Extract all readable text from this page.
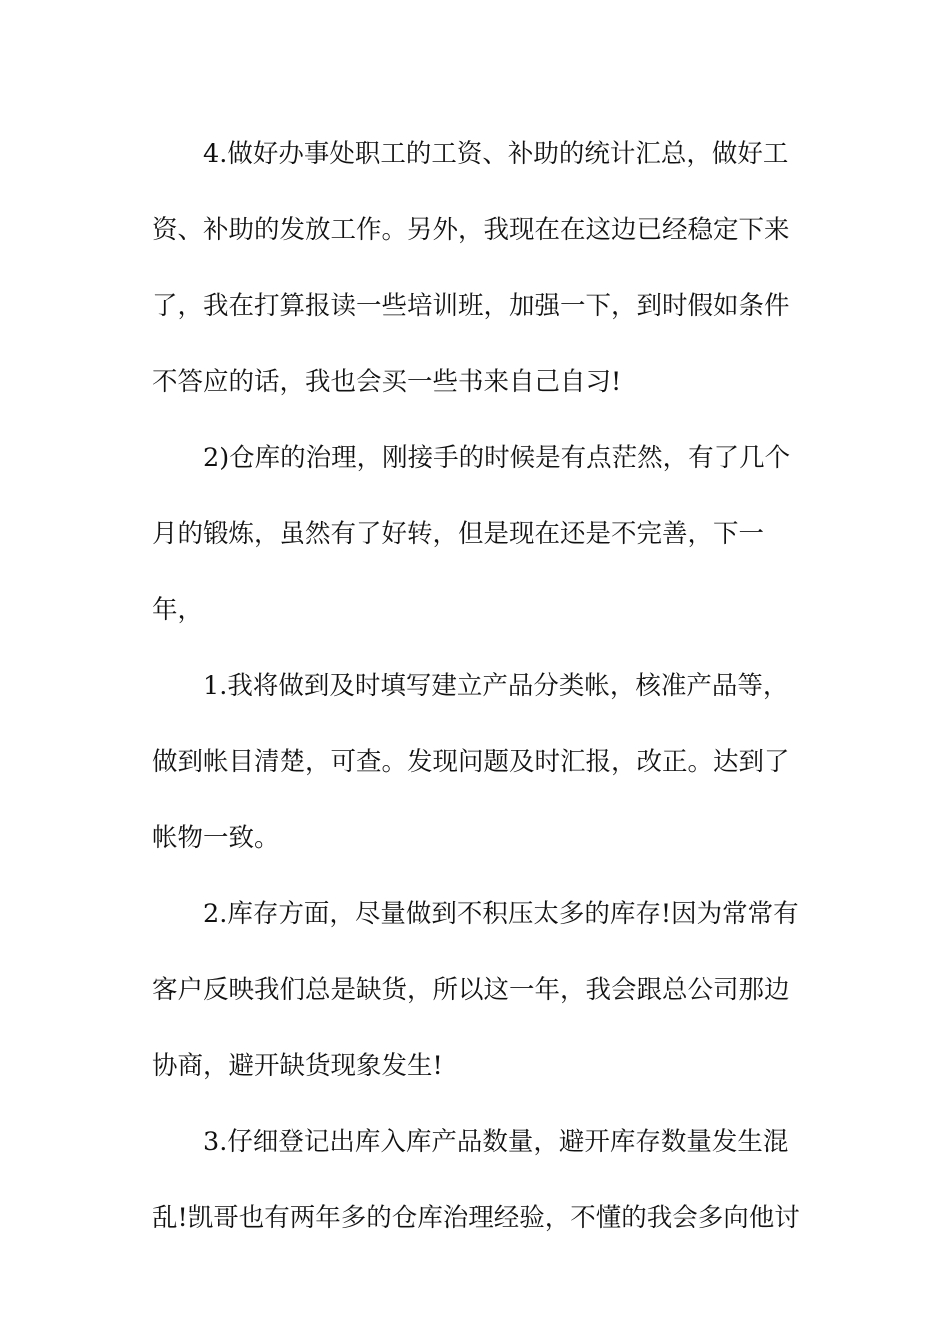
4.做好办事处职工的工资、补助的统计汇总，做好工
资、补助的发放工作。另外，我现在在这边已经稳定下来
了，我在打算报读一些培训班，加强一下，到时假如条件
不答应的话，我也会买一些书来自己自习!

2)仓库的治理，刚接手的时候是有点茫然，有了几个
月的锻炼，虽然有了好转，但是现在还是不完善，下一
年，

1.我将做到及时填写建立产品分类帐，核准产品等，
做到帐目清楚，可查。发现问题及时汇报，改正。达到了
帐物一致。

2.库存方面，尽量做到不积压太多的库存!因为常常有
客户反映我们总是缺货，所以这一年，我会跟总公司那边
协商，避开缺货现象发生!

3.仔细登记出库入库产品数量，避开库存数量发生混
乱!凯哥也有两年多的仓库治理经验，不懂的我会多向他讨
